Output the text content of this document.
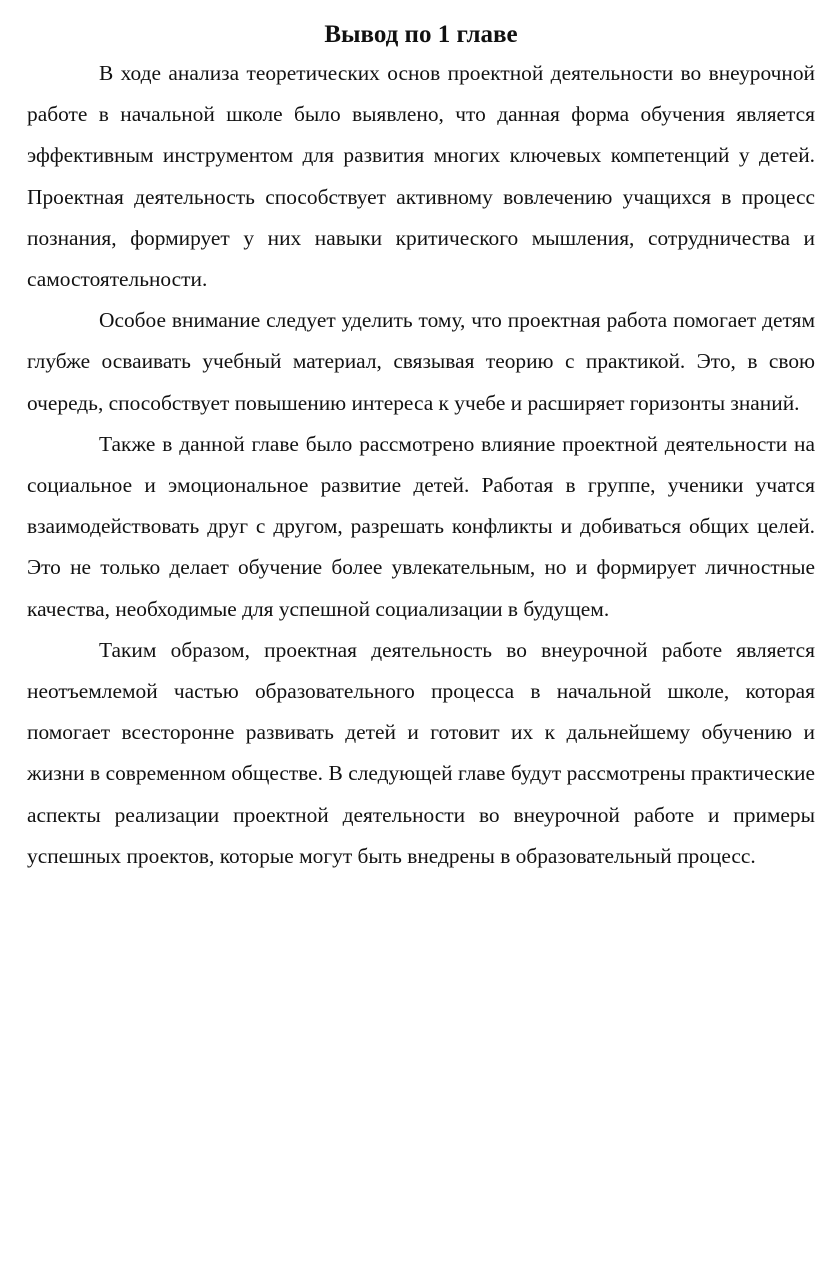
Вывод по 1 главе

В ходе анализа теоретических основ проектной деятельности во внеурочной работе в начальной школе было выявлено, что данная форма обучения является эффективным инструментом для развития многих ключевых компетенций у детей. Проектная деятельность способствует активному вовлечению учащихся в процесс познания, формирует у них навыки критического мышления, сотрудничества и самостоятельности.

Особое внимание следует уделить тому, что проектная работа помогает детям глубже осваивать учебный материал, связывая теорию с практикой. Это, в свою очередь, способствует повышению интереса к учебе и расширяет горизонты знаний.

Также в данной главе было рассмотрено влияние проектной деятельности на социальное и эмоциональное развитие детей. Работая в группе, ученики учатся взаимодействовать друг с другом, разрешать конфликты и добиваться общих целей. Это не только делает обучение более увлекательным, но и формирует личностные качества, необходимые для успешной социализации в будущем.

Таким образом, проектная деятельность во внеурочной работе является неотъемлемой частью образовательного процесса в начальной школе, которая помогает всесторонне развивать детей и готовит их к дальнейшему обучению и жизни в современном обществе. В следующей главе будут рассмотрены практические аспекты реализации проектной деятельности во внеурочной работе и примеры успешных проектов, которые могут быть внедрены в образовательный процесс.
